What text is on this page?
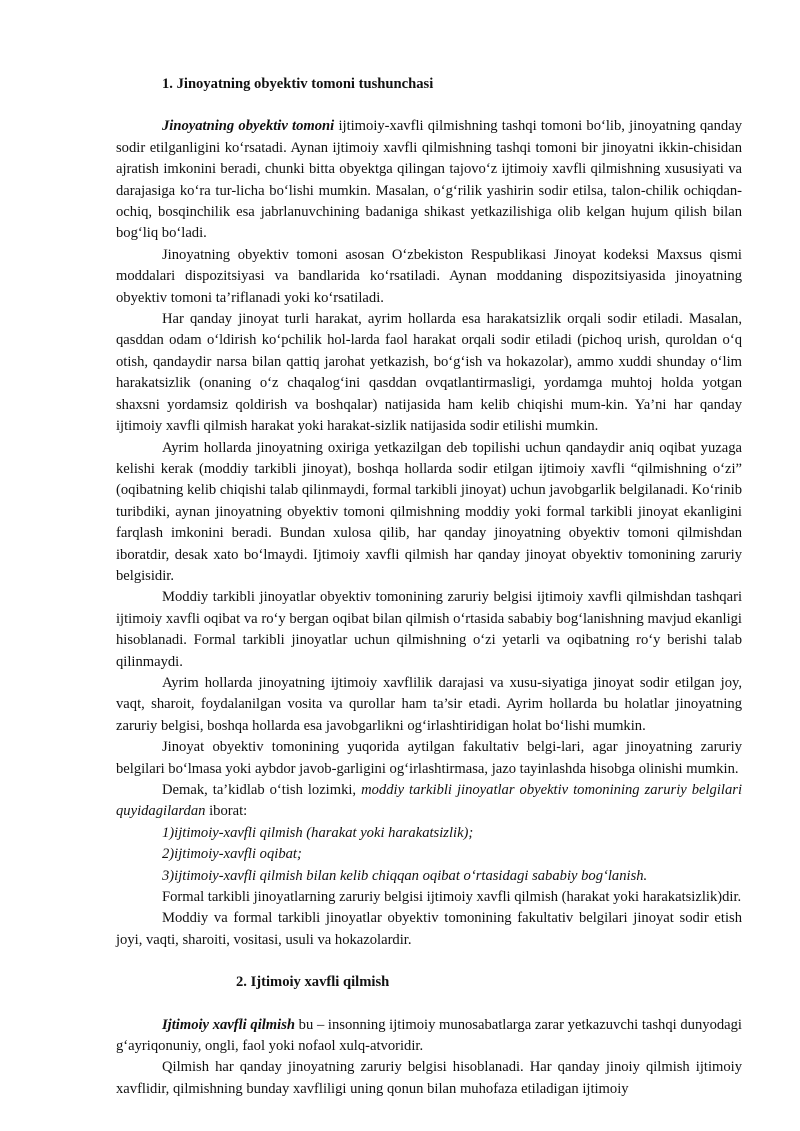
1. Jinoyatning obyektiv tomoni tushunchasi

Jinoyatning obyektiv tomoni ijtimoiy-xavfli qilmishning tashqi tomoni bo‘lib, jinoyatning qanday sodir etilganligini ko‘rsatadi. Aynan ijtimoiy xavfli qilmishning tashqi tomoni bir jinoyatni ikkin-chisidan ajratish imkonini beradi, chunki bitta obyektga qilingan tajovo‘z ijtimoiy xavfli qilmishning xususiyati va darajasiga ko‘ra tur-licha bo‘lishi mumkin. Masalan, o‘g‘rilik yashirin sodir etilsa, talon-chilik ochiqdan-ochiq, bosqinchilik esa jabrlanuvchining badaniga shikast yetkazilishiga olib kelgan hujum qilish bilan bog‘liq bo‘ladi.

Jinoyatning obyektiv tomoni asosan O‘zbekiston Respublikasi Jinoyat kodeksi Maxsus qismi moddalari dispozitsiyasi va bandlarida ko‘rsatiladi. Aynan moddaning dispozitsiyasida jinoyatning obyektiv tomoni ta’riflanadi yoki ko‘rsatiladi.

Har qanday jinoyat turli harakat, ayrim hollarda esa harakatsizlik orqali sodir etiladi. Masalan, qasddan odam o‘ldirish ko‘pchilik hol-larda faol harakat orqali sodir etiladi (pichoq urish, quroldan o‘q otish, qandaydir narsa bilan qattiq jarohat yetkazish, bo‘g‘ish va hokazolar), ammo xuddi shunday o‘lim harakatsizlik (onaning o‘z chaqalog‘ini qasddan ovqatlantirmasligi, yordamga muhtoj holda yotgan shaxsni yordamsiz qoldirish va boshqalar) natijasida ham kelib chiqishi mum-kin. Ya’ni har qanday ijtimoiy xavfli qilmish harakat yoki harakat-sizlik natijasida sodir etilishi mumkin.

Ayrim hollarda jinoyatning oxiriga yetkazilgan deb topilishi uchun qandaydir aniq oqibat yuzaga kelishi kerak (moddiy tarkibli jinoyat), boshqa hollarda sodir etilgan ijtimoiy xavfli “qilmishning o‘zi” (oqibatning kelib chiqishi talab qilinmaydi, formal tarkibli jinoyat) uchun javobgarlik belgilanadi. Ko‘rinib turibdiki, aynan jinoyatning obyektiv tomoni qilmishning moddiy yoki formal tarkibli jinoyat ekanligini farqlash imkonini beradi. Bundan xulosa qilib, har qanday jinoyatning obyektiv tomoni qilmishdan iboratdir, desak xato bo‘lmaydi. Ijtimoiy xavfli qilmish har qanday jinoyat obyektiv tomonining zaruriy belgisidir.

Moddiy tarkibli jinoyatlar obyektiv tomonining zaruriy belgisi ijtimoiy xavfli qilmishdan tashqari ijtimoiy xavfli oqibat va ro‘y bergan oqibat bilan qilmish o‘rtasida sababiy bog‘lanishning mavjud ekanligi hisoblanadi. Formal tarkibli jinoyatlar uchun qilmishning o‘zi yetarli va oqibatning ro‘y berishi talab qilinmaydi.

Ayrim hollarda jinoyatning ijtimoiy xavflilik darajasi va xusu-siyatiga jinoyat sodir etilgan joy, vaqt, sharoit, foydalanilgan vosita va qurollar ham ta’sir etadi. Ayrim hollarda bu holatlar jinoyatning zaruriy belgisi, boshqa hollarda esa javobgarlikni og‘irlashtiridigan holat bo‘lishi mumkin.

Jinoyat obyektiv tomonining yuqorida aytilgan fakultativ belgi-lari, agar jinoyatning zaruriy belgilari bo‘lmasa yoki aybdor javob-garligini og‘irlashtirmasa, jazo tayinlashda hisobga olinishi mumkin.

Demak, ta’kidlab o‘tish lozimki, moddiy tarkibli jinoyatlar obyektiv tomonining zaruriy belgilari quyidagilardan iborat:

1)ijtimoiy-xavfli qilmish (harakat yoki harakatsizlik);
2)ijtimoiy-xavfli oqibat;
3)ijtimoiy-xavfli qilmish bilan kelib chiqqan oqibat o‘rtasidagi sababiy bog‘lanish.

Formal tarkibli jinoyatlarning zaruriy belgisi ijtimoiy xavfli qilmish (harakat yoki harakatsizlik)dir.

Moddiy va formal tarkibli jinoyatlar obyektiv tomonining fakultativ belgilari jinoyat sodir etish joyi, vaqti, sharoiti, vositasi, usuli va hokazolardir.

2. Ijtimoiy xavfli qilmish

Ijtimoiy xavfli qilmish bu – insonning ijtimoiy munosabatlarga zarar yetkazuvchi tashqi dunyodagi g‘ayriqonuniy, ongli, faol yoki nofaol xulq-atvoridir.

Qilmish har qanday jinoyatning zaruriy belgisi hisoblanadi. Har qanday jinoiy qilmish ijtimoiy xavflidir, qilmishning bunday xavfliligi uning qonun bilan muhofaza etiladigan ijtimoiy
